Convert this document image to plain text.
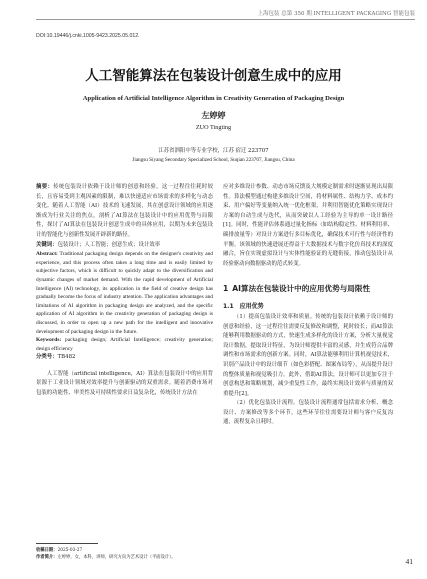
上海包装 总第 350 期 INTELLIGENT PACKAGING 智能包装
DOI:10.19446/j.cnki.1005-9423.2025.05.012.
人工智能算法在包装设计创意生成中的应用
Application of Artificial Intelligence Algorithm in Creativity Generation of Packaging Design
左婷婷
ZUO Tingting
江苏省泗阳中等专业学校，江苏 宿迁 223707
Jiangsu Siyang Secondary Specialized School, Suqian 223707, Jiangsu, China

摘要：传统包装设计依赖于设计师的创意和经验，这一过程往往耗时较长，且容易受到主观因素的限制，难以快速适应市场需求的多样化与动态变化。随着人工智能（AI）技术的飞速发展，其在创意设计领域的应用逐渐成为行业关注的焦点。剖析了AI算法在包装设计中的应用优势与局限性，探讨了AI算法在包装设计创意生成中的具体应用，以期为未来包装设计的智能化与创新性发展开辟新的路径。

关键词：包装设计；人工智能；创意生成；设计效率

Abstract: Traditional packaging design depends on the designer's creativity and experience, and this process often takes a long time and is easily limited by subjective factors, which is difficult to quickly adapt to the diversification and dynamic changes of market demand. With the rapid development of Artificial Intelligence (AI) technology, its application in the field of creative design has gradually become the focus of industry attention. The application advantages and limitations of AI algorithm in packaging design are analyzed, and the specific application of AI algorithm in the creativity generation of packaging design is discussed, in order to open up a new path for the intelligent and innovative development of packaging design in the future.

Keywords: packaging design; Artificial Intelligence; creativity generation; design efficiency

分类号：TB482

人工智能（artificial intelligence，AI）算法在包装设计中的应用背景源于工业设计领域对效率提升与创新驱动的双重需求。随着消费市场对包装的功能性、审美性及可持续性要求日益复杂化，传统设计方法在

应对多维设计参数、动态市场反馈及大规模定制需求时逐渐显现出局限性。算法模型通过构建多维设计空间，将材料属性、结构力学、成本约束、用户偏好等变量纳入统一优化框架，并利用智能优化策略实现设计方案的自动生成与迭代，从而突破以人工经验为主导的单一设计路径[1]。同时，性能评估体系通过量化指标（如结构稳定性、材料利用率、碳排放量等）对设计方案进行多目标优化，确保技术可行性与经济性的平衡。该领域的快速进展还得益于大数据技术与数字化仿真技术的深度融合，旨在实现虚拟设计与实体性能验证的无缝衔接，推动包装设计从经验驱动向数据驱动的范式转变。

1 AI算法在包装设计中的应用优势与局限性
1.1 应用优势

（1）提高包装设计效率和质量。传统的包装设计依赖于设计师的创意和经验，这一过程往往需要反复修改和调整，耗时较长；而AI算法能够利用数据驱动的方式，快速生成多样化的设计方案，分析大量视觉设计数据，提取设计特征，为设计师提供丰富的灵感，并生成符合品牌调性和市场需求的创新方案。同时，AI算法能够利用计算机视觉技术，识别产品设计中的设计细节（如色彩搭配、图案布局等），从而提升设计的整体质量和视觉吸引力。此外，借助AI算法，设计师可以更加专注于创意构思和策略规划，减少重复性工作，最终实现设计效率与质量的双重提升[2]。

（2）优化包装设计流程。包装设计流程通常包括需求分析、概念设计、方案修改等多个环节，这些环节往往需要设计师与客户反复沟通，流程复杂且耗时。

收稿日期：2025-03-27
作者简介：左婷婷，女，本科，讲师，研究方向为艺术设计（平面设计）。	41
